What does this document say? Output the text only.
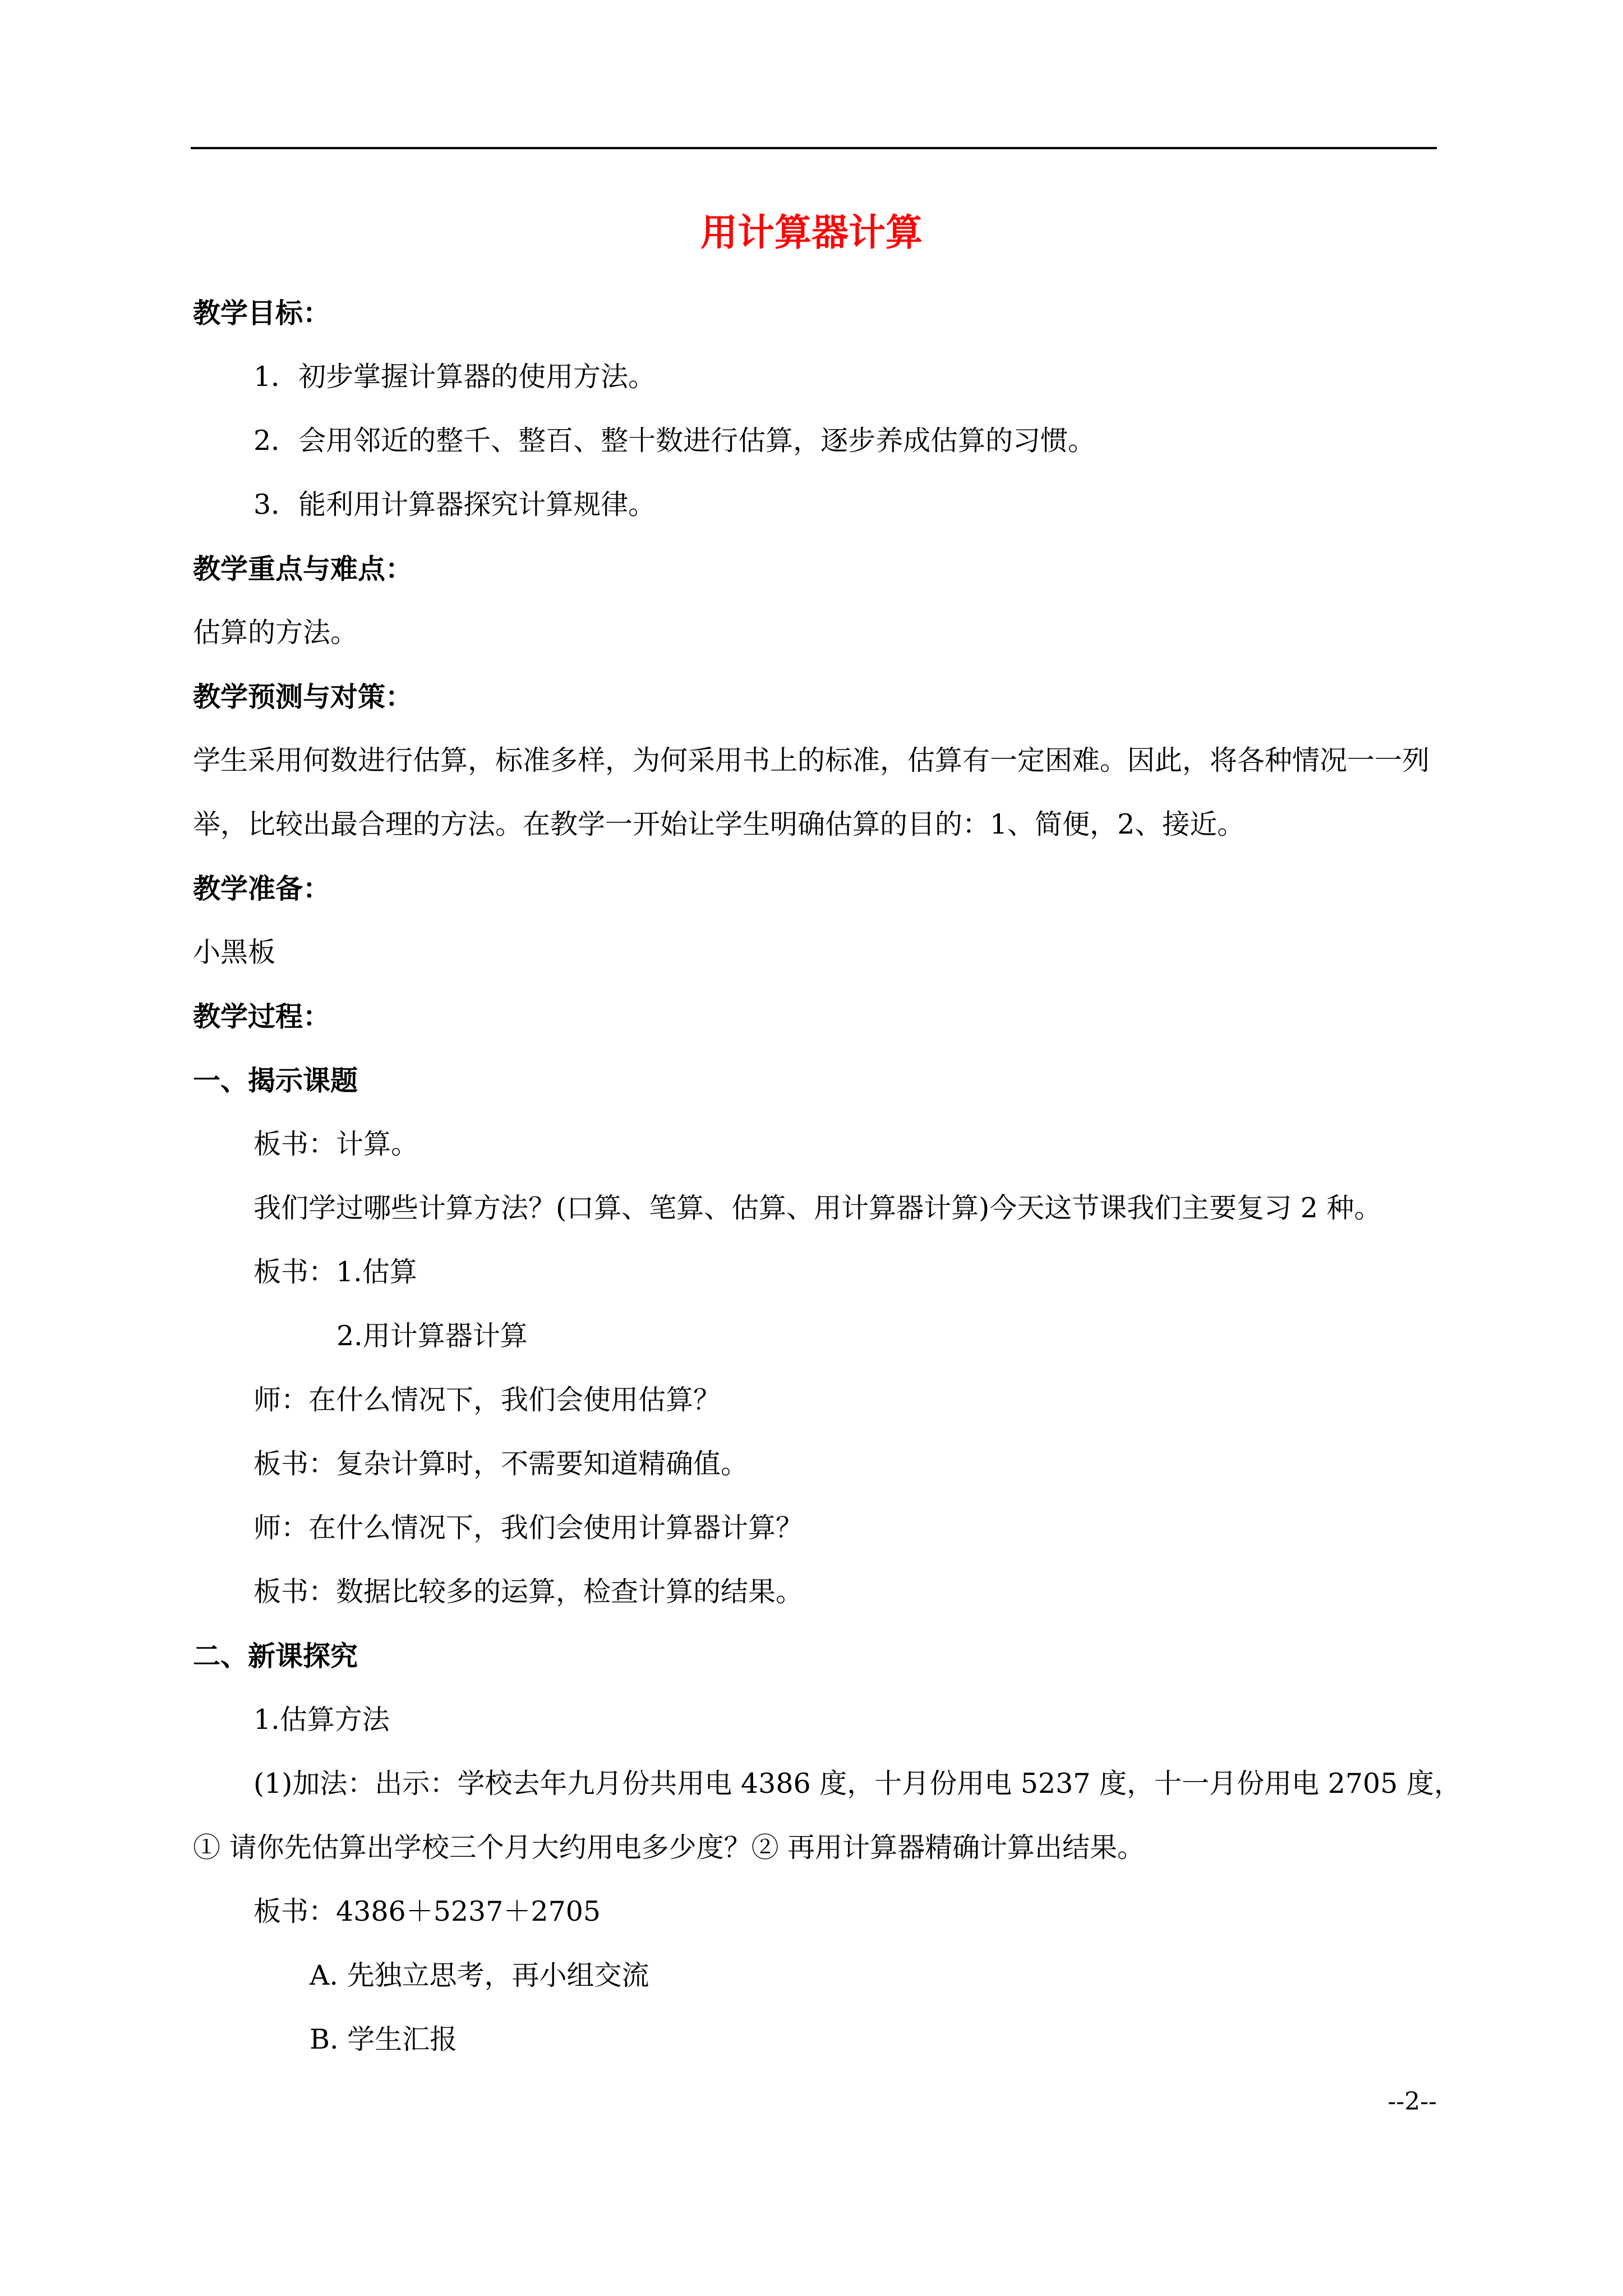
用计算器计算
教学目标：
1．初步掌握计算器的使用方法。
2．会用邻近的整千、整百、整十数进行估算，逐步养成估算的习惯。
3．能利用计算器探究计算规律。
教学重点与难点：
估算的方法。
教学预测与对策：
学生采用何数进行估算，标准多样，为何采用书上的标准，估算有一定困难。因此，将各种情况一一列举，比较出最合理的方法。在教学一开始让学生明确估算的目的：1、简便，2、接近。
教学准备：
小黑板
教学过程：
一、揭示课题
板书：计算。
我们学过哪些计算方法？(口算、笔算、估算、用计算器计算)今天这节课我们主要复习 2 种。
板书：1.估算
2.用计算器计算
师：在什么情况下，我们会使用估算？
板书：复杂计算时，不需要知道精确值。
师：在什么情况下，我们会使用计算器计算？
板书：数据比较多的运算，检查计算的结果。
二、新课探究
1.估算方法
(1)加法：出示：学校去年九月份共用电 4386 度，十月份用电 5237 度，十一月份用电 2705 度，
① 请你先估算出学校三个月大约用电多少度？② 再用计算器精确计算出结果。
板书：4386＋5237＋2705
A. 先独立思考，再小组交流
B. 学生汇报
--2--
